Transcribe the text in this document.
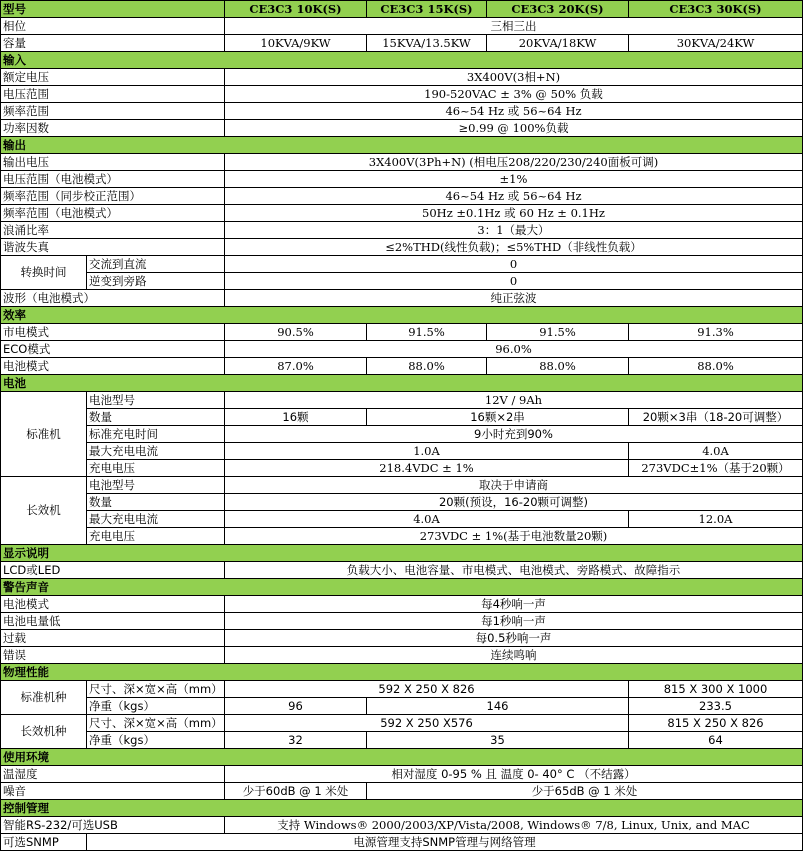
型号		CE3C3 10K(S)	CE3C3 15K(S)	CE3C3 20K(S)	CE3C3 30K(S)
相位		三相三出			
容量		10KVA/9KW	15KVA/13.5KW	20KVA/18KW	30KVA/24KW
输入					
额定电压		3X400V(3相+N)			
电压范围		190-520VAC ± 3% @ 50% 负载			
频率范围		46~54 Hz 或 56~64 Hz			
功率因数		≥0.99 @ 100%负载			
输出					
输出电压		3X400V(3Ph+N) (相电压208/220/230/240面板可调)			
电压范围（电池模式）		±1%			
频率范围（同步校正范围）		46~54 Hz 或 56~64 Hz			
频率范围（电池模式）		50Hz ±0.1Hz 或 60 Hz ± 0.1Hz			
浪涌比率		3：1（最大）			
谐波失真		≤2%THD(线性负载)；≤5%THD（非线性负载）			
转换时间	交流到直流	0			
	逆变到旁路	0			
波形（电池模式）		纯正弦波			
效率					
市电模式		90.5%	91.5%	91.5%	91.3%
ECO模式		96.0%			
电池模式		87.0%	88.0%	88.0%	88.0%
电池					
标准机	电池型号	12V / 9Ah			
	数量	16颗	16颗×2串		20颗×3串（18-20可调整）
	标准充电时间	9小时充到90%			
	最大充电电流	1.0A			4.0A
	充电电压	218.4VDC ± 1%			273VDC±1%（基于20颗）
长效机	电池型号	取决于申请商			
	数量	20颗(预设，16-20颗可调整)			
	最大充电电流	4.0A			12.0A
	充电电压	273VDC ± 1%(基于电池数量20颗)			
显示说明					
LCD或LED		负载大小、电池容量、市电模式、电池模式、旁路模式、故障指示			
警告声音					
电池模式		每4秒响一声			
电池电量低		每1秒响一声			
过载		每0.5秒响一声			
错误		连续鸣响			
物理性能					
标准机种	尺寸、深×宽×高（mm）	592 X 250 X 826			815 X 300 X 1000
	净重（kgs）	96	146		233.5
长效机种	尺寸、深×宽×高（mm）	592 X 250 X576			815 X 250 X 826
	净重（kgs）	32	35		64
使用环境					
温湿度		相对湿度 0-95 % 且 温度 0- 40° C （不结露）			
噪音		少于60dB @ 1 米处	少于65dB @ 1 米处		
控制管理					
智能RS-232/可选USB		支持 Windows® 2000/2003/XP/Vista/2008, Windows® 7/8, Linux, Unix, and MAC			
可选SNMP	电源管理支持SNMP管理与网络管理				
